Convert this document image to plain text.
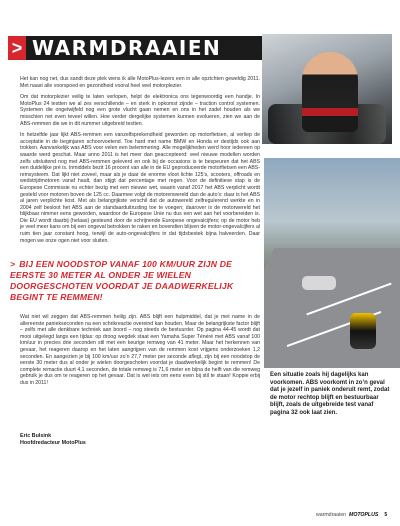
> WARMDRAAIEN

Het kan nog net, dus sandt deze plek wens ik alle MotoPlus-lezers een in alle opzichten geweldig 2011. Met naast alle voorspoed en gezondheid vooral heel veel motorplezier.

Om dat motorplezier veilig te laten verlopen, helpt de elektronica ons tegenwoordig een handje. In MotoPlus 24 testten we al zes verschillende – en sterk in opkomst zijnde – traction control systemen. Systemen die ongetwijfeld nog een grote vlucht gaan nemen en ons in het zadel houden als we misschien net even teveel willen. Hoe verder dergelijke systemen kunnen evolueren, zien we aan de ABS-remmen die we in dit nummer uitgebreid testten.

In hetzelfde jaar lijkt ABS-remmen een vanzelfsprekendheid geworden op motorfietsen, al verliep de acceptatie in de beginjaren schoorvoetend. Toe hard met name BMW en Honda er destijds ook aan trokken. Aanvankelijk was ABS voor velen een belemmering. Alle mogelijkheden werd hoor iedereen op waarde werd geschat. Maar anno 2011 is het meer dan geaccepteerd: veel nieuwe modellen worden zelfs uitsluitend nog met ABS-remmen geleverd en ook bij de occasions is te bespeuren dat het ABS een duidelijke pré is. Inmiddels bezit 16 procent van alle in de EU geproduceerde motorfietsen een ABS-remsysteem. Dat lijkt niet zoveel, maar als je daar de enorme vloot lichte 125’s, scooters, offroads en wedstrijdmotoren vanaf haalt, dan stijgt dat percentage met regen. Voor de definitieve stap is de Europese Commissie nu echter bezig met een nieuwe wet, waarin vanaf 2017 het ABS verplicht wordt gesteld voor motoren boven de 125 cc. Daarmee volgt de motorenwereld dan de auto’s: daar is het ABS al jaren verplichte kost. Met als belangrijkste verschil dat de autowereld zelfregulerend werkte en in 2004 zelf besloot het ABS aan de standaarduitrusting toe te voegen; daarover is de motorwereld het blijkbaar nimmer eens geworden, waardoor de Europese Unie nu dus een wet aan het voorbereiden is. Die EU wordt daarbij (helaas) gesteund door de schrijnende Europese ongevalcijfers; op de motor heb je veel meer kans om bij een ongeval betrokken te raken en bovendien blijven de motor-ongevalcijfers al ruim tien jaar constant hoog, terwijl de auto-ongevalcijfers in dat tijdsbestek bijna halveerden. Daar mogen we onze ogen niet voor sluiten.

> BIJ EEN NOODSTOP VANAF 100 KM/UUR ZIJN DE EERSTE 30 METER AL ONDER JE WIELEN DOORGESCHOTEN VOORDAT JE DAADWERKELIJK BEGINT TE REMMEN!

Wat niet wil zeggen dat ABS-remmen heilig zijn. ABS blijft een hulpmiddel, dat je met name in de allereerste paniekseconden na een schrikreactie overeind kan houden. Maar de belangrijkste factor blijft – zelfs met alle denkbare techniek aan boord – nog steeds de bestuurder. Op pagina 44-45 wordt dat mooi uitgelegd langs een tijdas: op droog wegdek staat een Yamaha Super Ténéré met ABS vanaf 100 km/uur in precies drie seconden stil met een keurige remweg van 41 meter. Maar het herkennen van gevaar, het reageren daarop en het laten aangrijpen van de remmen kost vrijgens onderzoeken 1,2 seconden. En aangezien je bij 100 km/uur zo’n 27,7 meter per seconde aflegt, zijn bij een noodstop de eerste 30 meter dus al onder je wielen doorgeschoten voordat je daadwerkelijk begint te remmen! De complete remactie duurt 4,1 seconden, de totale remweg is 71,6 meter en bijna de helft van die remweg gebruik je dus om te reageren op het gevaar. Dat is wel iets om eens even bij stil te staan! Koppie erbij dus in 2011!

Eric Bulsink
Hoofdredacteur MotoPlus
Een situatie zoals hij dagelijks kan voorkomen. ABS voorkomt in zo’n geval dat je jezelf in paniek onderuit remt, zodat de motor rechtop blijft en bestuurbaar blijft, zoals de uitgebreide test vanaf pagina 32 ook laat zien.
warmdraaien MOTOPLUS 5
